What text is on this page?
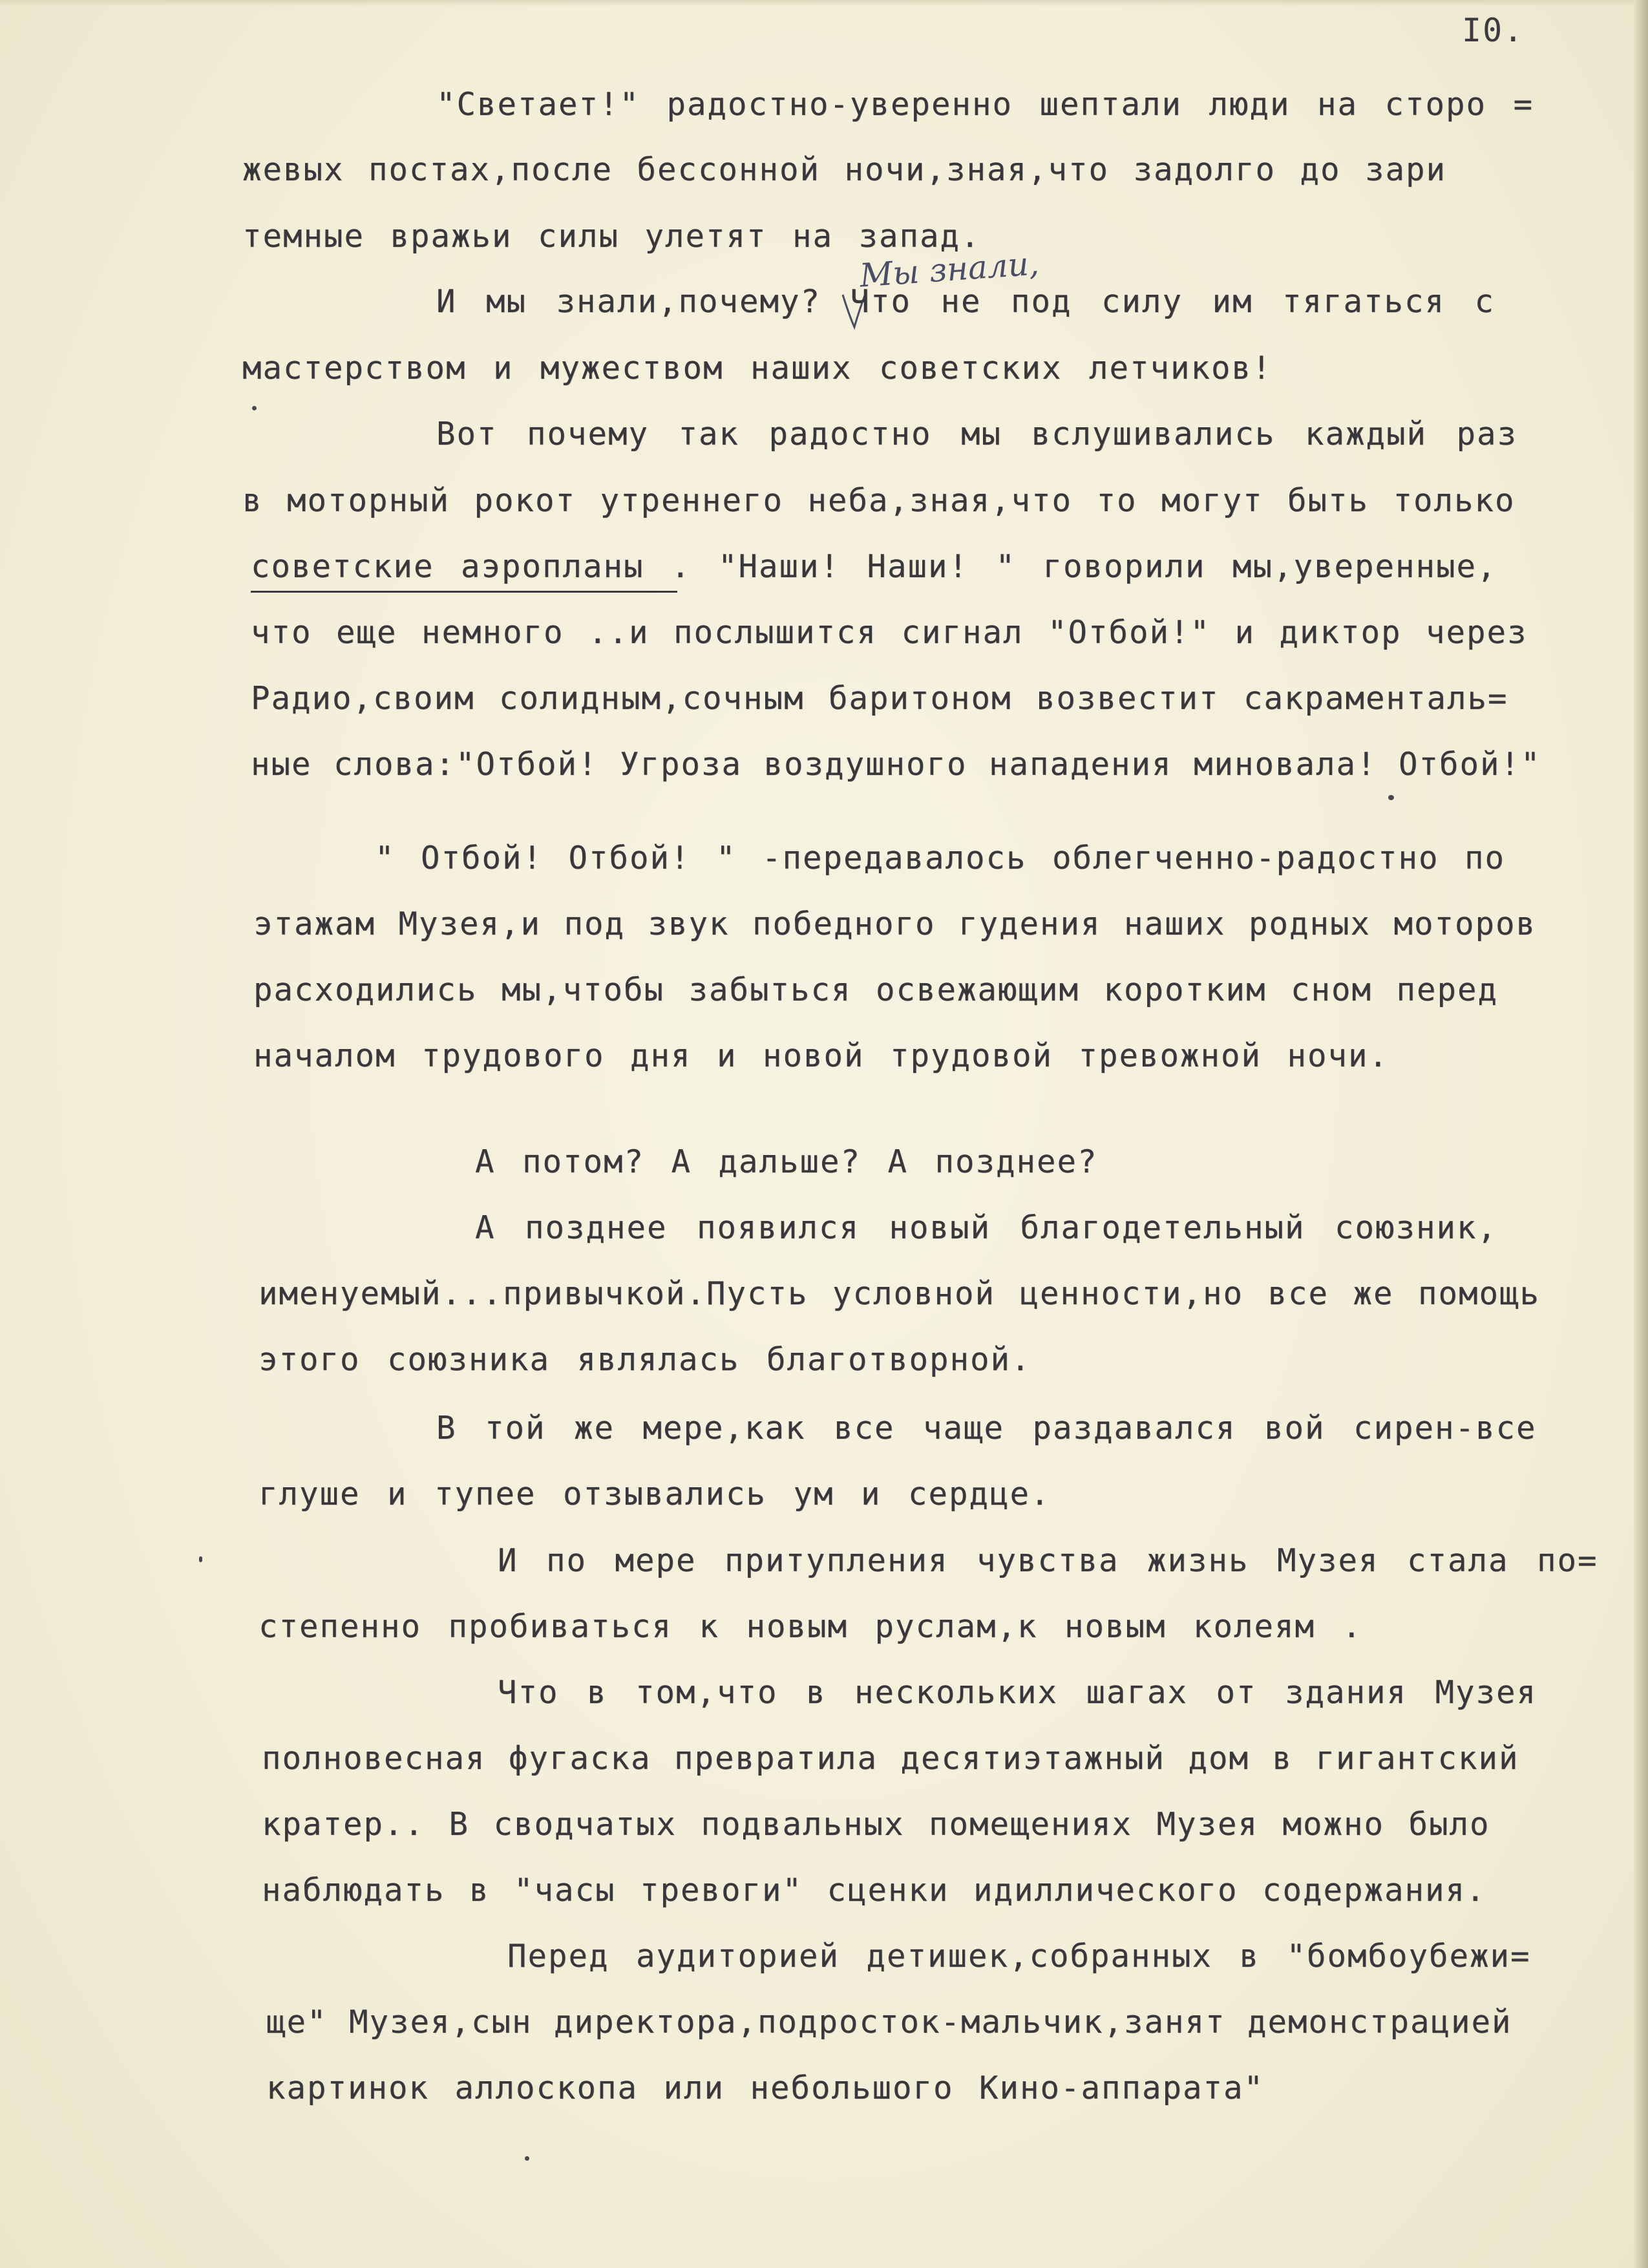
I0.
Мы знали,
"Светает!" радостно-уверенно шептали люди на сторо =
жевых постах,после бессонной ночи,зная,что задолго до зари
темные вражьи силы улетят на запад.
И мы знали,почему? Что не под силу им тягаться с
мастерством и мужеством наших советских летчиков!
Вот почему так радостно мы вслушивались каждый раз
в моторный рокот утреннего неба,зная,что то могут быть только
советские аэропланы . "Наши! Наши! " говорили мы,уверенные,
что еще немного ..и послышится сигнал "Отбой!" и диктор через
Радио,своим солидным,сочным баритоном возвестит сакраменталь=
ные слова:"Отбой! Угроза воздушного нападения миновала! Отбой!"
" Отбой! Отбой! " -передавалось облегченно-радостно по
этажам Музея,и под звук победного гудения наших родных моторов
расходились мы,чтобы забыться освежающим коротким сном перед
началом трудового дня и новой трудовой тревожной ночи.
А потом? А дальше? А позднее?
А позднее появился новый благодетельный союзник,
именуемый...привычкой.Пусть условной ценности,но все же помощь
этого союзника являлась благотворной.
В той же мере,как все чаще раздавался вой сирен-все
глуше и тупее отзывались ум и сердце.
И по мере притупления чувства жизнь Музея стала по=
степенно пробиваться к новым руслам,к новым колеям .
Что в том,что в нескольких шагах от здания Музея
полновесная фугаска превратила десятиэтажный дом в гигантский
кратер.. В сводчатых подвальных помещениях Музея можно было
наблюдать в "часы тревоги" сценки идиллического содержания.
Перед аудиторией детишек,собранных в "бомбоубежи=
ще" Музея,сын директора,подросток-мальчик,занят демонстрацией
картинок аллоскопа или небольшого Кино-аппарата"
